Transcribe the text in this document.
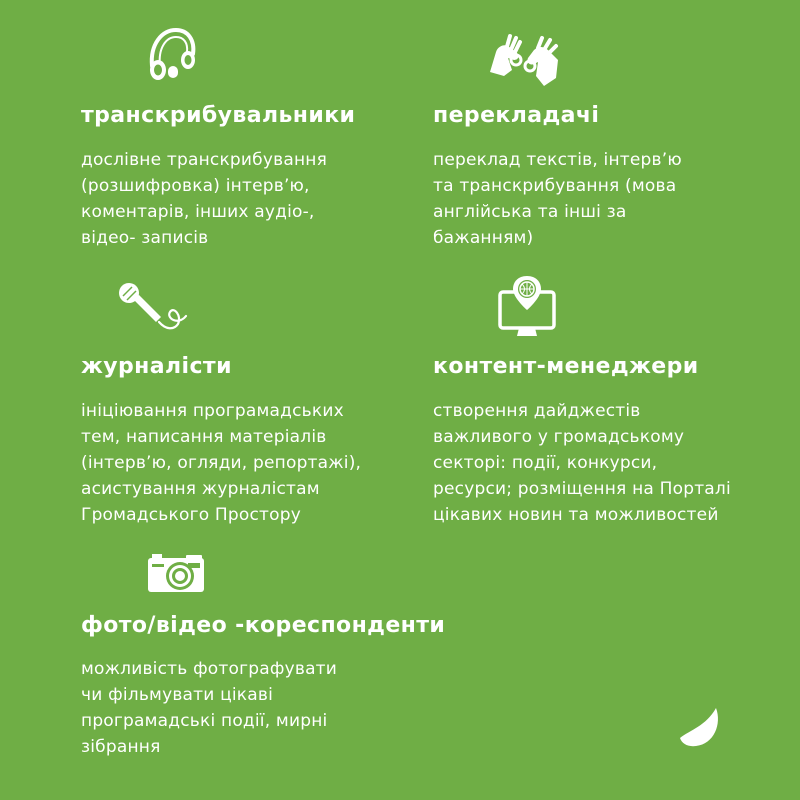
транскрибувальники

дослівне транскрибування
(розшифровка) інтерв’ю,
коментарів, інших аудіо-,
відео- записів

перекладачі

переклад текстів, інтерв’ю
та транскрибування (мова
англійська та інші за
бажанням)

журналісти

ініціювання програмадських
тем, написання матеріалів
(інтерв’ю, огляди, репортажі),
асистування журналістам
Громадського Простору

контент-менеджери

створення дайджестів
важливого у громадському
секторі: події, конкурси,
ресурси; розміщення на Порталі
цікавих новин та можливостей

фото/відео -кореспонденти

можливість фотографувати
чи фільмувати цікаві
програмадські події, мирні
зібрання
